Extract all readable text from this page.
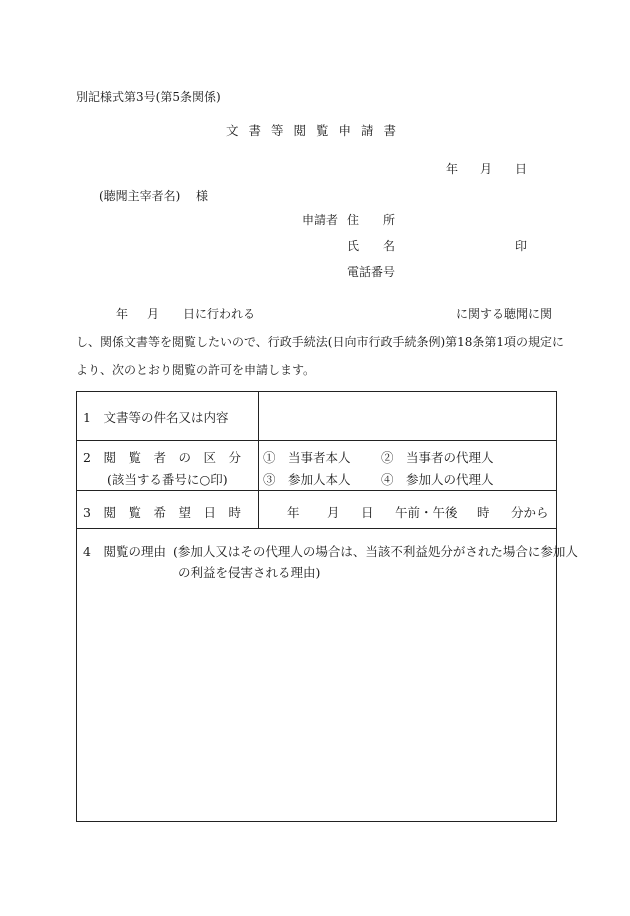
別記様式第3号(第5条関係)
文書等閲覧申請書
年 月 日
(聴聞主宰者名) 様
申請者 住　　所
氏　　名	印
電話番号
年 月 日に行われる	に関する聴聞に関
し、関係文書等を閲覧したいので、行政手続法(日向市行政手続条例)第18条第1項の規定に
より、次のとおり閲覧の許可を申請します。
1　文書等の件名又は内容
2　閲　覧　者　の　区　分
(該当する番号に○印)
①　当事者本人 ②　当事者の代理人
③　参加人本人 ④　参加人の代理人
3　閲　覧　希　望　日　時	年 月 日 午前・午後 時 分から
4　閲覧の理由 (参加人又はその代理人の場合は、当該不利益処分がされた場合に参加人
の利益を侵害される理由)
